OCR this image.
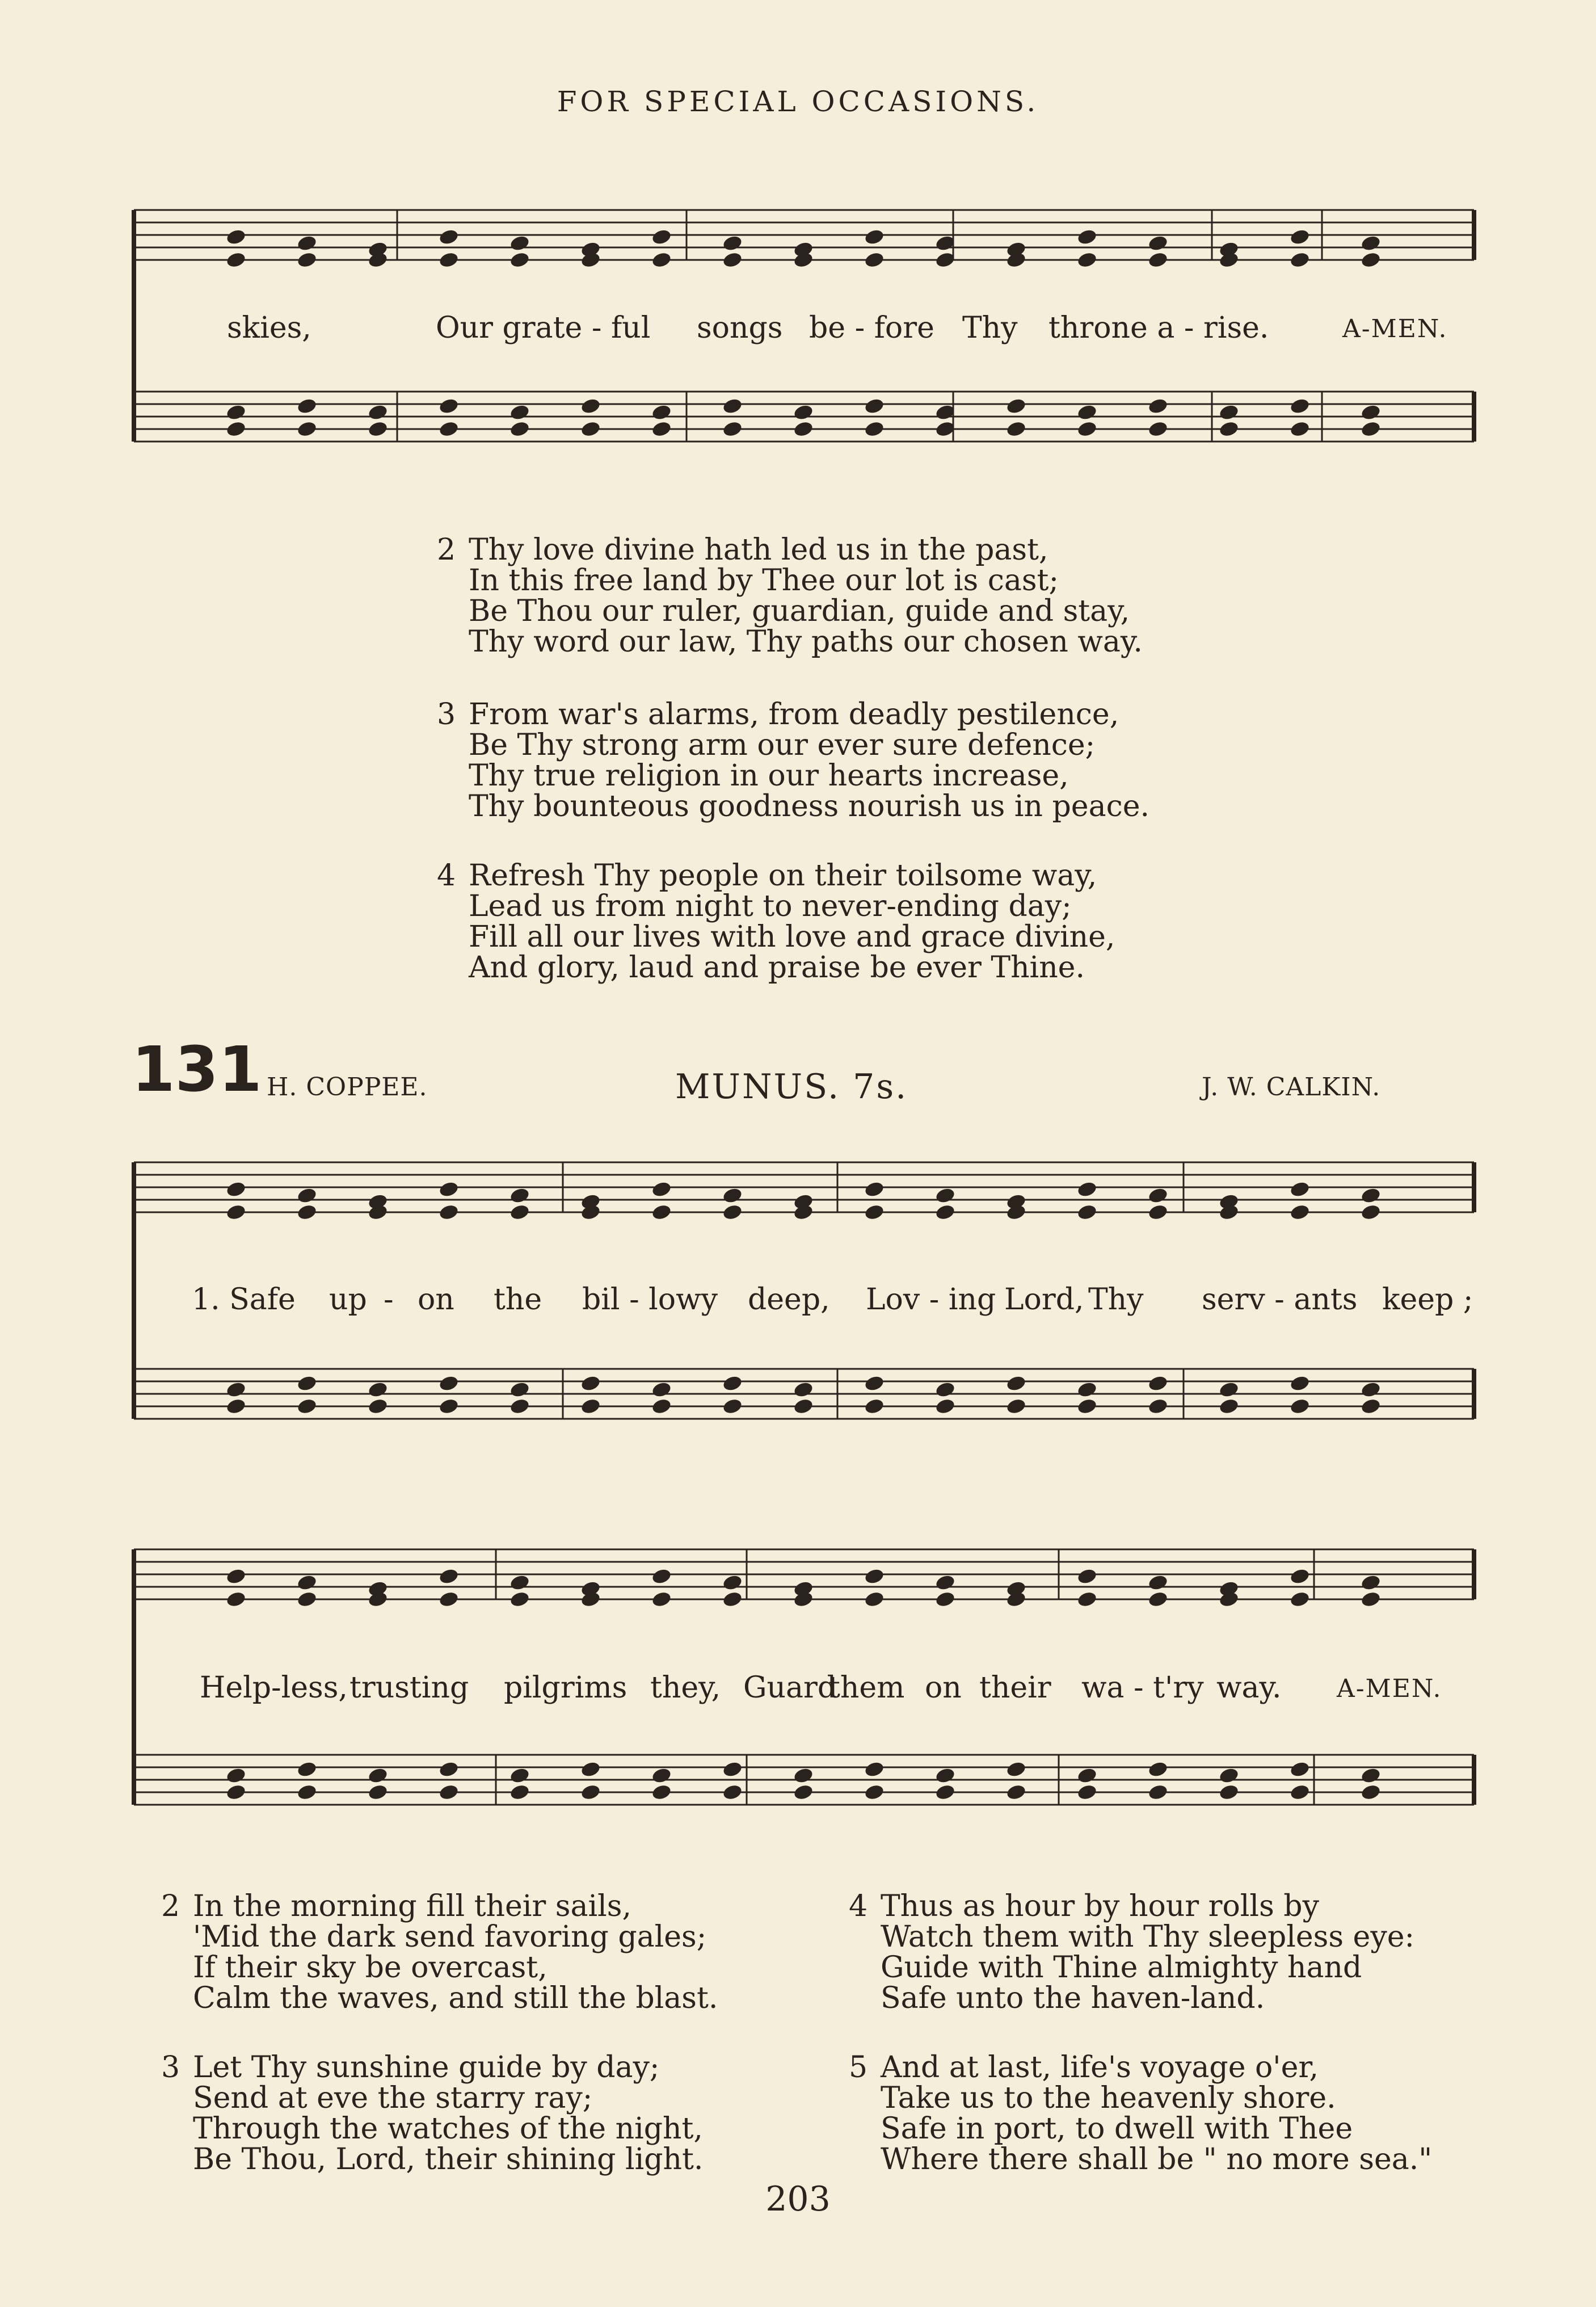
FOR SPECIAL OCCASIONS.
skies,	Our grate - ful songs be - fore Thy throne a - rise.	A-MEN.
2 Thy love divine hath led us in the past,
In this free land by Thee our lot is cast;
Be Thou our ruler, guardian, guide and stay,
Thy word our law, Thy paths our chosen way.
3 From war's alarms, from deadly pestilence,
Be Thy strong arm our ever sure defence;
Thy true religion in our hearts increase,
Thy bounteous goodness nourish us in peace.
4 Refresh Thy people on their toilsome way,
Lead us from night to never-ending day;
Fill all our lives with love and grace divine,
And glory, laud and praise be ever Thine.
131 H. COPPEE.	MUNUS. 7s.	J. W. CALKIN.
1. Safe up - on the bil - lowy deep, Lov - ing Lord, Thy serv - ants keep ;
Help-less, trusting pilgrims they, Guard
them on their wa - t'ry way. A-MEN.
2 In the morning fill their sails,
'Mid the dark send favoring gales;
If their sky be overcast,
Calm the waves, and still the blast.
3 Let Thy sunshine guide by day;
Send at eve the starry ray;
Through the watches of the night,
Be Thou, Lord, their shining light.
4 Thus as hour by hour rolls by
Watch them with Thy sleepless eye:
Guide with Thine almighty hand
Safe unto the haven-land.
5 And at last, life's voyage o'er,
Take us to the heavenly shore.
Safe in port, to dwell with Thee
Where there shall be " no more sea."
203
